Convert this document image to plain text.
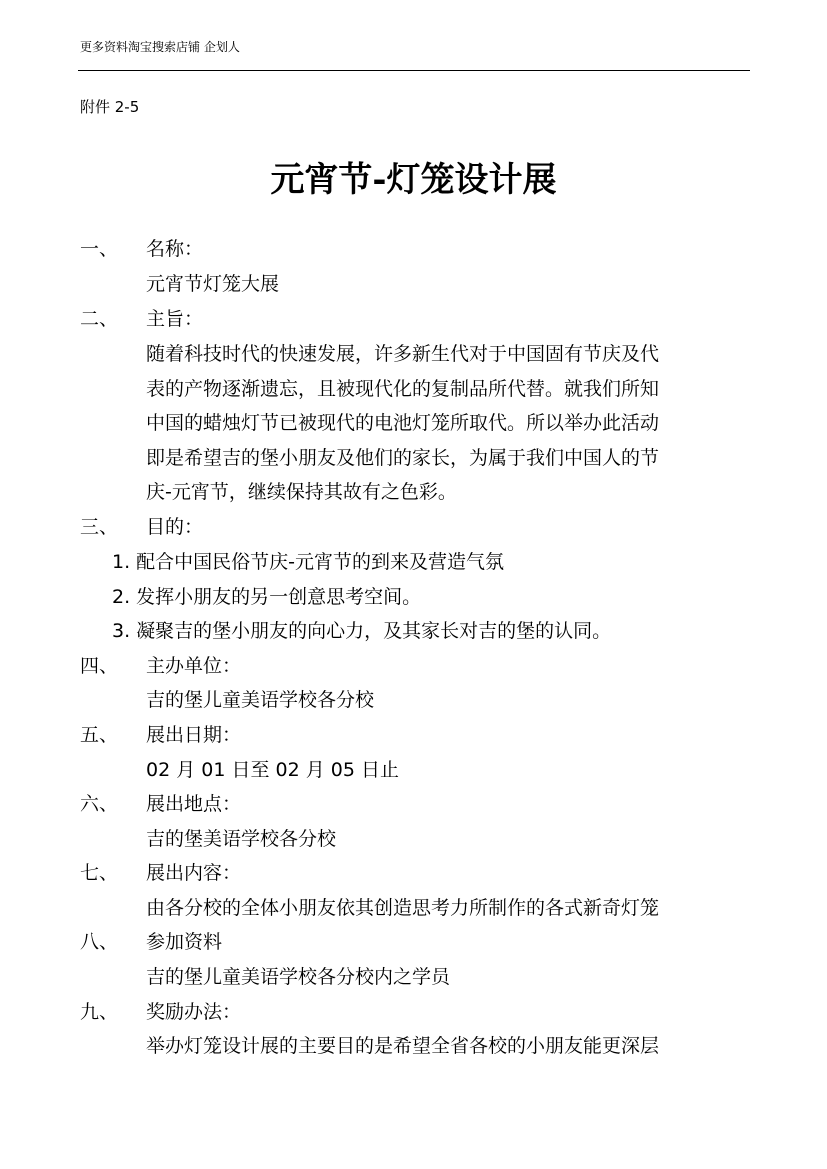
更多资料淘宝搜索店铺 企划人
附件 2-5
元宵节-灯笼设计展
一、 名称：
元宵节灯笼大展
二、 主旨：
随着科技时代的快速发展，许多新生代对于中国固有节庆及代
表的产物逐渐遗忘，且被现代化的复制品所代替。就我们所知
中国的蜡烛灯节已被现代的电池灯笼所取代。所以举办此活动
即是希望吉的堡小朋友及他们的家长，为属于我们中国人的节
庆-元宵节，继续保持其故有之色彩。
三、 目的：
1. 配合中国民俗节庆-元宵节的到来及营造气氛
2. 发挥小朋友的另一创意思考空间。
3. 凝聚吉的堡小朋友的向心力，及其家长对吉的堡的认同。
四、 主办单位：
吉的堡儿童美语学校各分校
五、 展出日期：
02 月 01 日至 02 月 05 日止
六、 展出地点：
吉的堡美语学校各分校
七、 展出内容：
由各分校的全体小朋友依其创造思考力所制作的各式新奇灯笼
八、 参加资料
吉的堡儿童美语学校各分校内之学员
九、 奖励办法：
举办灯笼设计展的主要目的是希望全省各校的小朋友能更深层
